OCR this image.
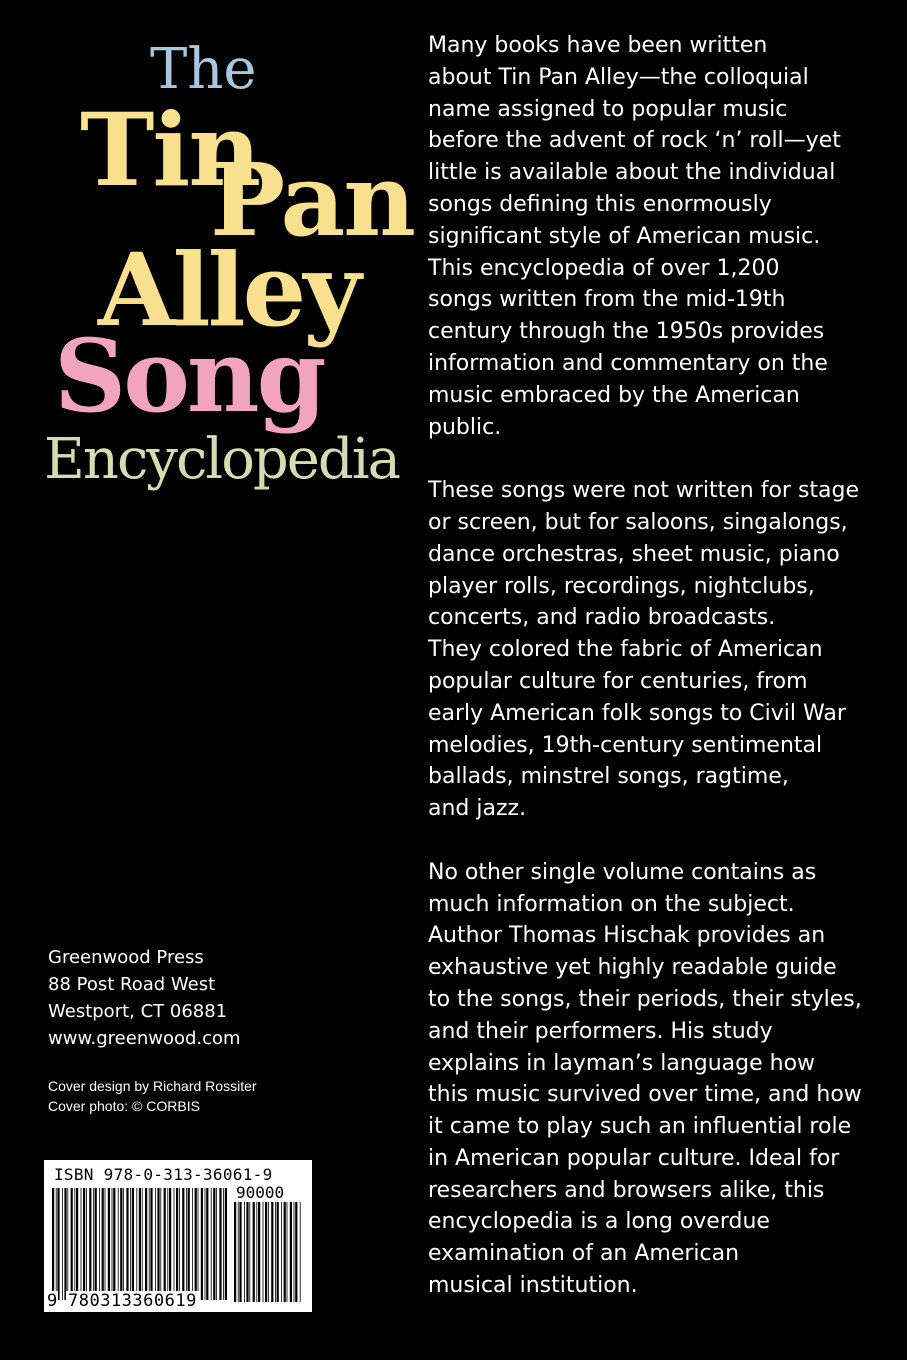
The
Tin
Pan
Alley
Song
Encyclopedia

Many books have been written
about Tin Pan Alley—the colloquial
name assigned to popular music
before the advent of rock ‘n’ roll—yet
little is available about the individual
songs defining this enormously
significant style of American music.
This encyclopedia of over 1,200
songs written from the mid-19th
century through the 1950s provides
information and commentary on the
music embraced by the American
public.

These songs were not written for stage
or screen, but for saloons, singalongs,
dance orchestras, sheet music, piano
player rolls, recordings, nightclubs,
concerts, and radio broadcasts.
They colored the fabric of American
popular culture for centuries, from
early American folk songs to Civil War
melodies, 19th-century sentimental
ballads, minstrel songs, ragtime,
and jazz.

No other single volume contains as
much information on the subject.
Author Thomas Hischak provides an
exhaustive yet highly readable guide
to the songs, their periods, their styles,
and their performers. His study
explains in layman’s language how
this music survived over time, and how
it came to play such an influential role
in American popular culture. Ideal for
researchers and browsers alike, this
encyclopedia is a long overdue
examination of an American
musical institution.

Greenwood Press
88 Post Road West
Westport, CT 06881
www.greenwood.com
Cover design by Richard Rossiter
Cover photo: © CORBIS
ISBN 978-0-313-36061-9
90000
9 780313360619
